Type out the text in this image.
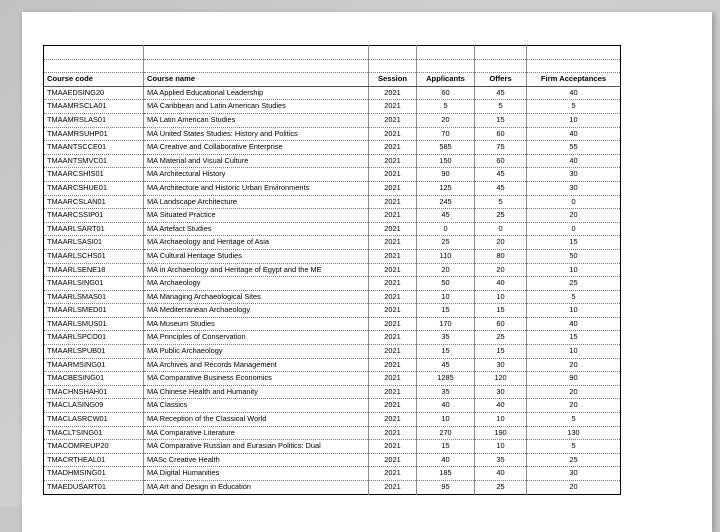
Course code	Course name	Session	Applicants	Offers	Firm Acceptances
TMAAEDSING20	MA Applied Educational Leadership	2021	60	45	40
TMAAMRSCLA01	MA Caribbean and Latin American Studies	2021	5	5	5
TMAAMRSLAS01	MA Latin American Studies	2021	20	15	10
TMAAMRSUHP01	MA United States Studies: History and Politics	2021	70	60	40
TMAANTSCCE01	MA Creative and Collaborative Enterprise	2021	585	75	55
TMAANTSMVC01	MA Material and Visual Culture	2021	150	60	40
TMAARCSHIS01	MA Architectural History	2021	90	45	30
TMAARCSHUE01	MA Architecture and Historic Urban Environments	2021	125	45	30
TMAARCSLAN01	MA Landscape Architecture	2021	245	5	0
TMAARCSSIP01	MA Situated Practice	2021	45	25	20
TMAARLSART01	MA Artefact Studies	2021	0	0	0
TMAARLSASI01	MA Archaeology and Heritage of Asia	2021	25	20	15
TMAARLSCHS01	MA Cultural Heritage Studies	2021	110	80	50
TMAARLSENE18	MA in Archaeology and Heritage of Egypt and the ME	2021	20	20	10
TMAARLSING01	MA Archaeology	2021	50	40	25
TMAARLSMAS01	MA Managing Archaeological Sites	2021	10	10	5
TMAARLSMED01	MA Mediterranean Archaeology	2021	15	15	10
TMAARLSMUS01	MA Museum Studies	2021	170	60	40
TMAARLSPCO01	MA Principles of Conservation	2021	35	25	15
TMAARLSPUB01	MA Public Archaeology	2021	15	15	10
TMAARMSING01	MA Archives and Records Management	2021	45	30	20
TMACBESING01	MA Comparative Business Economics	2021	1285	120	90
TMACHNSHAH01	MA Chinese Health and Humanity	2021	35	30	20
TMACLASING09	MA Classics	2021	40	40	20
TMACLASRCW01	MA Reception of the Classical World	2021	10	10	5
TMACLTSING01	MA Comparative Literature	2021	270	190	130
TMACOMREUP20	MA Comparative Russian and Eurasian Politics: Dual	2021	15	10	5
TMACRTHEAL01	MASc Creative Health	2021	40	35	25
TMADHMSING01	MA Digital Humanities	2021	185	40	30
TMAEDUSART01	MA Art and Design in Education	2021	95	25	20
